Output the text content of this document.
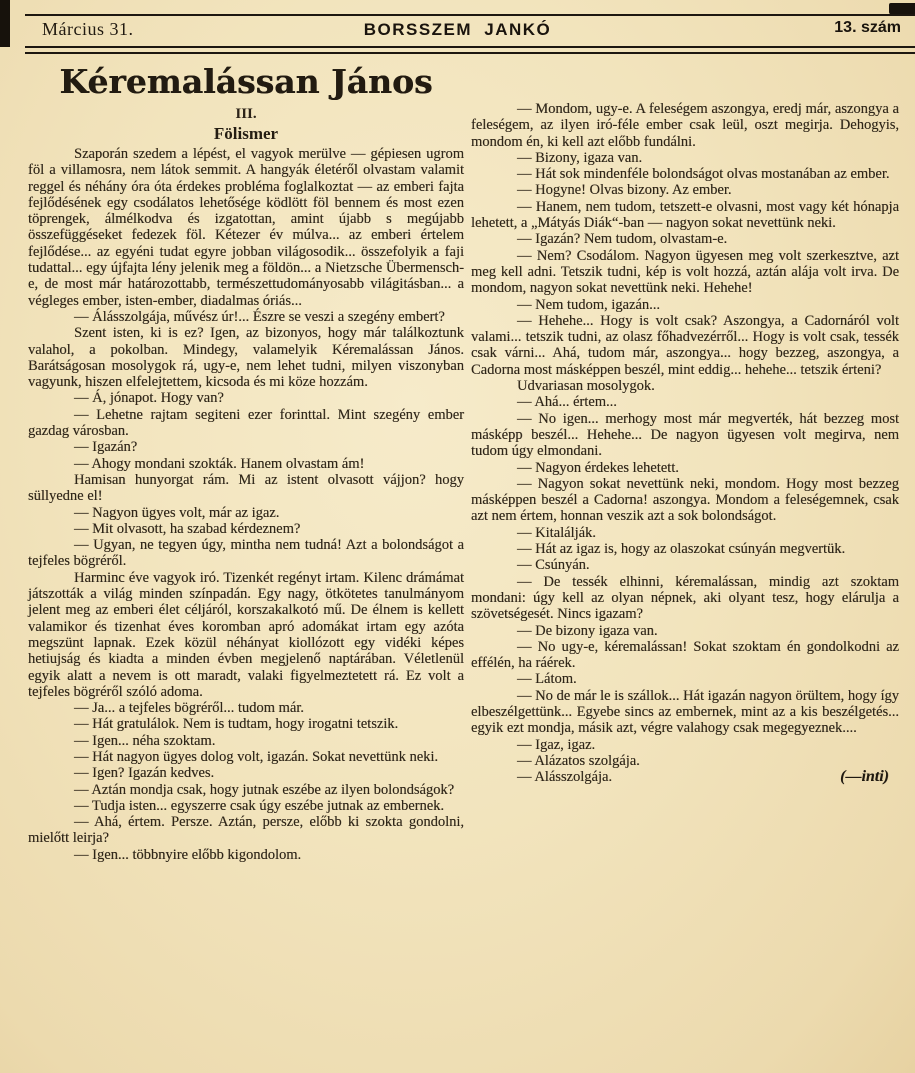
Március 31.	BORSSZEM JANKÓ	13. szám
Kéremalássan János
III.
Fölismer

Szaporán szedem a lépést, el vagyok merülve — gépiesen ugrom föl a villamosra, nem látok semmit. A hangyák életéről olvastam valamit reggel és néhány óra óta érdekes probléma foglalkoztat — az emberi fajta fejlődésének egy csodálatos lehetősége ködlött föl bennem és most ezen töprengek, álmélkodva és izgatottan, amint újabb s megújabb összefüggéseket fedezek föl. Kétezer év múlva... az emberi értelem fejlődése... az egyéni tudat egyre jobban világosodik... összefolyik a faji tudattal... egy újfajta lény jelenik meg a földön... a Nietzsche Übermensch-e, de most már határozottabb, természettudományosabb világitásban... a végleges ember, isten-ember, diadalmas óriás...

— Álásszolgája, művész úr!... Észre se veszi a szegény embert?

Szent isten, ki is ez? Igen, az bizonyos, hogy már találkoztunk valahol, a pokolban. Mindegy, valamelyik Kéremalássan János. Barátságosan mosolygok rá, ugy-e, nem lehet tudni, milyen viszonyban vagyunk, hiszen elfelejtettem, kicsoda és mi köze hozzám.

— Á, jónapot. Hogy van?

— Lehetne rajtam segiteni ezer forinttal. Mint szegény ember gazdag városban.

— Igazán?

— Ahogy mondani szokták. Hanem olvastam ám!

Hamisan hunyorgat rám. Mi az istent olvasott vájjon? hogy süllyedne el!

— Nagyon ügyes volt, már az igaz.

— Mit olvasott, ha szabad kérdeznem?

— Ugyan, ne tegyen úgy, mintha nem tudná! Azt a bolondságot a tejfeles bögréről.

Harminc éve vagyok iró. Tizenkét regényt irtam. Kilenc drámámat játszották a világ minden színpadán. Egy nagy, ötkötetes tanulmányom jelent meg az emberi élet céljáról, korszakalkotó mű. De élnem is kellett valamikor és tizenhat éves koromban apró adomákat irtam egy azóta megszünt lapnak. Ezek közül néhányat kiollózott egy vidéki képes hetiujság és kiadta a minden évben megjelenő naptárában. Véletlenül egyik alatt a nevem is ott maradt, valaki figyelmeztetett rá. Ez volt a tejfeles bögréről szóló adoma.

— Ja... a tejfeles bögréről... tudom már.

— Hát gratulálok. Nem is tudtam, hogy irogatni tetszik.

— Igen... néha szoktam.

— Hát nagyon ügyes dolog volt, igazán. Sokat nevettünk neki.

— Igen? Igazán kedves.

— Aztán mondja csak, hogy jutnak eszébe az ilyen bolondságok?

— Tudja isten... egyszerre csak úgy eszébe jutnak az embernek.

— Ahá, értem. Persze. Aztán, persze, előbb ki szokta gondolni, mielőtt leirja?

— Igen... többnyire előbb kigondolom.

— Mondom, ugy-e. A feleségem aszongya, eredj már, aszongya a feleségem, az ilyen iró-féle ember csak leül, oszt megirja. Dehogyis, mondom én, ki kell azt előbb fundálni.

— Bizony, igaza van.

— Hát sok mindenféle bolondságot olvas mostanában az ember.

— Hogyne! Olvas bizony. Az ember.

— Hanem, nem tudom, tetszett-e olvasni, most vagy két hónapja lehetett, a „Mátyás Diák“-ban — nagyon sokat nevettünk neki.

— Igazán? Nem tudom, olvastam-e.

— Nem? Csodálom. Nagyon ügyesen meg volt szerkesztve, azt meg kell adni. Tetszik tudni, kép is volt hozzá, aztán alája volt irva. De mondom, nagyon sokat nevettünk neki. Hehehe!

— Nem tudom, igazán...

— Hehehe... Hogy is volt csak? Aszongya, a Cadornáról volt valami... tetszik tudni, az olasz főhadvezérről... Hogy is volt csak, tessék csak várni... Ahá, tudom már, aszongya... hogy bezzeg, aszongya, a Cadorna most másképpen beszél, mint eddig... hehehe... tetszik érteni?

Udvariasan mosolygok.

— Ahá... értem...

— No igen... merhogy most már megverték, hát bezzeg most másképp beszél... Hehehe... De nagyon ügyesen volt megirva, nem tudom úgy elmondani.

— Nagyon érdekes lehetett.

— Nagyon sokat nevettünk neki, mondom. Hogy most bezzeg másképpen beszél a Cadorna! aszongya. Mondom a feleségemnek, csak azt nem értem, honnan veszik azt a sok bolondságot.

— Kitalálják.

— Hát az igaz is, hogy az olaszokat csúnyán megvertük.

— Csúnyán.

— De tessék elhinni, kéremalássan, mindig azt szoktam mondani: úgy kell az olyan népnek, aki olyant tesz, hogy elárulja a szövetségesét. Nincs igazam?

— De bizony igaza van.

— No ugy-e, kéremalássan! Sokat szoktam én gondolkodni az effélén, ha ráérek.

— Látom.

— No de már le is szállok... Hát igazán nagyon örültem, hogy így elbeszélgettünk... Egyebe sincs az embernek, mint az a kis beszélgetés... egyik ezt mondja, másik azt, végre valahogy csak megegyeznek....

— Igaz, igaz.

— Alázatos szolgája.

— Alásszolgája.	(—inti)
